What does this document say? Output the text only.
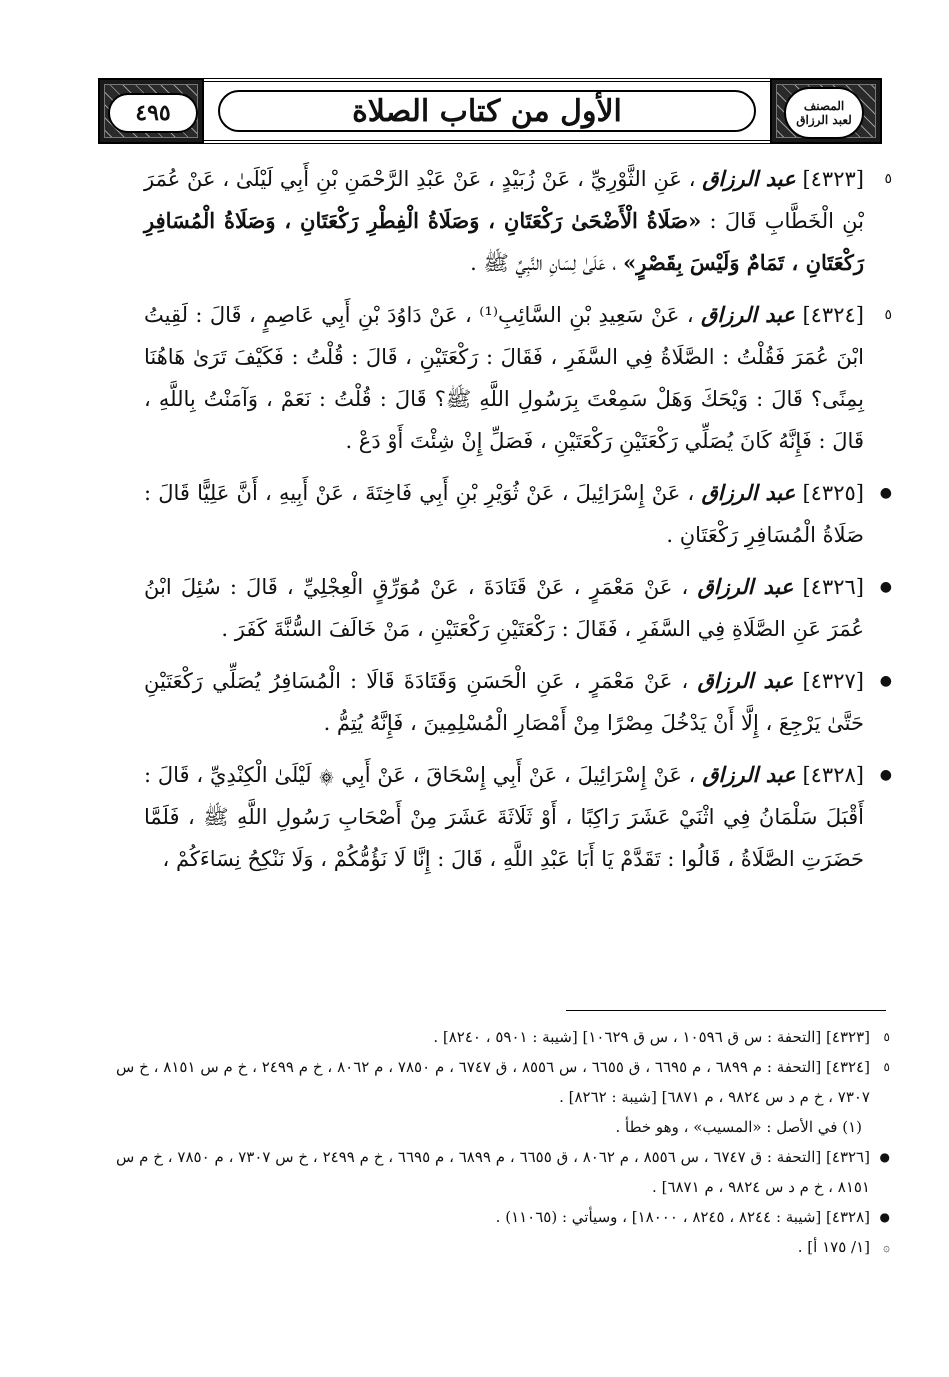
٤٩٥	الأول من كتاب الصلاة	المصنف
لعبد الرزاق

٥
[٤٣٢٣] عبد الرزاق ، عَنِ الثَّوْرِيِّ ، عَنْ زُبَيْدٍ ، عَنْ عَبْدِ الرَّحْمَنِ بْنِ أَبِي لَيْلَىٰ ، عَنْ عُمَرَ بْنِ الْخَطَّابِ قَالَ : «صَلَاةُ الْأَضْحَىٰ رَكْعَتَانِ ، وَصَلَاةُ الْفِطْرِ رَكْعَتَانِ ، وَصَلَاةُ الْمُسَافِرِ رَكْعَتَانِ ، تَمَامٌ وَلَيْسَ بِقَصْرٍ» ، عَلَىٰ لِسَانِ النَّبِيِّ ﷺ .

٥
[٤٣٢٤] عبد الرزاق ، عَنْ سَعِيدِ بْنِ السَّائِبِ⁽¹⁾ ، عَنْ دَاوُدَ بْنِ أَبِي عَاصِمٍ ، قَالَ : لَقِيتُ ابْنَ عُمَرَ فَقُلْتُ : الصَّلَاةُ فِي السَّفَرِ ، فَقَالَ : رَكْعَتَيْنِ ، قَالَ : قُلْتُ : فَكَيْفَ تَرَىٰ هَاهُنَا بِمِنًى؟ قَالَ : وَيْحَكَ وَهَلْ سَمِعْتَ بِرَسُولِ اللَّهِ ﷺ؟ قَالَ : قُلْتُ : نَعَمْ ، وَآمَنْتُ بِاللَّهِ ، قَالَ : فَإِنَّهُ كَانَ يُصَلِّي رَكْعَتَيْنِ رَكْعَتَيْنِ ، فَصَلِّ إِنْ شِئْتَ أَوْ دَعْ .

●
[٤٣٢٥] عبد الرزاق ، عَنْ إِسْرَائِيلَ ، عَنْ ثُوَيْرِ بْنِ أَبِي فَاخِتَةَ ، عَنْ أَبِيهِ ، أَنَّ عَلِيًّا قَالَ : صَلَاةُ الْمُسَافِرِ رَكْعَتَانِ .

●
[٤٣٢٦] عبد الرزاق ، عَنْ مَعْمَرٍ ، عَنْ قَتَادَةَ ، عَنْ مُوَرِّقٍ الْعِجْلِيِّ ، قَالَ : سُئِلَ ابْنُ عُمَرَ عَنِ الصَّلَاةِ فِي السَّفَرِ ، فَقَالَ : رَكْعَتَيْنِ رَكْعَتَيْنِ ، مَنْ خَالَفَ السُّنَّةَ كَفَرَ .

●
[٤٣٢٧] عبد الرزاق ، عَنْ مَعْمَرٍ ، عَنِ الْحَسَنِ وَقَتَادَةَ قَالَا : الْمُسَافِرُ يُصَلِّي رَكْعَتَيْنِ حَتَّىٰ يَرْجِعَ ، إِلَّا أَنْ يَدْخُلَ مِصْرًا مِنْ أَمْصَارِ الْمُسْلِمِينَ ، فَإِنَّهُ يُتِمُّ .

●
[٤٣٢٨] عبد الرزاق ، عَنْ إِسْرَائِيلَ ، عَنْ أَبِي إِسْحَاقَ ، عَنْ أَبِي ۞ لَيْلَىٰ الْكِنْدِيِّ ، قَالَ : أَقْبَلَ سَلْمَانُ فِي اثْنَيْ عَشَرَ رَاكِبًا ، أَوْ ثَلَاثَةَ عَشَرَ مِنْ أَصْحَابِ رَسُولِ اللَّهِ ﷺ ، فَلَمَّا حَضَرَتِ الصَّلَاةُ ، قَالُوا : تَقَدَّمْ يَا أَبَا عَبْدِ اللَّهِ ، قَالَ : إِنَّا لَا نَؤُمُّكُمْ ، وَلَا نَنْكِحُ نِسَاءَكُمْ ،

٥
[٤٣٢٣] [التحفة : س ق ١٠٥٩٦ ، س ق ١٠٦٢٩] [شيبة : ٥٩٠١ ، ٨٢٤٠] .

٥
[٤٣٢٤] [التحفة : م ٦٨٩٩ ، م ٦٦٩٥ ، ق ٦٦٥٥ ، س ٨٥٥٦ ، ق ٦٧٤٧ ، م ٧٨٥٠ ، م ٨٠٦٢ ، خ م ٢٤٩٩ ، خ م س ٨١٥١ ، خ س ٧٣٠٧ ، خ م د س ٩٨٢٤ ، م ٦٨٧١] [شيبة : ٨٢٦٢] .

(١) في الأصل : «المسيب» ، وهو خطأ .

●
[٤٣٢٦] [التحفة : ق ٦٧٤٧ ، س ٨٥٥٦ ، م ٨٠٦٢ ، ق ٦٦٥٥ ، م ٦٨٩٩ ، م ٦٦٩٥ ، خ م ٢٤٩٩ ، خ س ٧٣٠٧ ، م ٧٨٥٠ ، خ م س ٨١٥١ ، خ م د س ٩٨٢٤ ، م ٦٨٧١] .

●
[٤٣٢٨] [شيبة : ٨٢٤٤ ، ٨٢٤٥ ، ١٨٠٠٠] ، وسيأتي : (١١٠٦٥) .

۞
[١/ ١٧٥ أ] .
